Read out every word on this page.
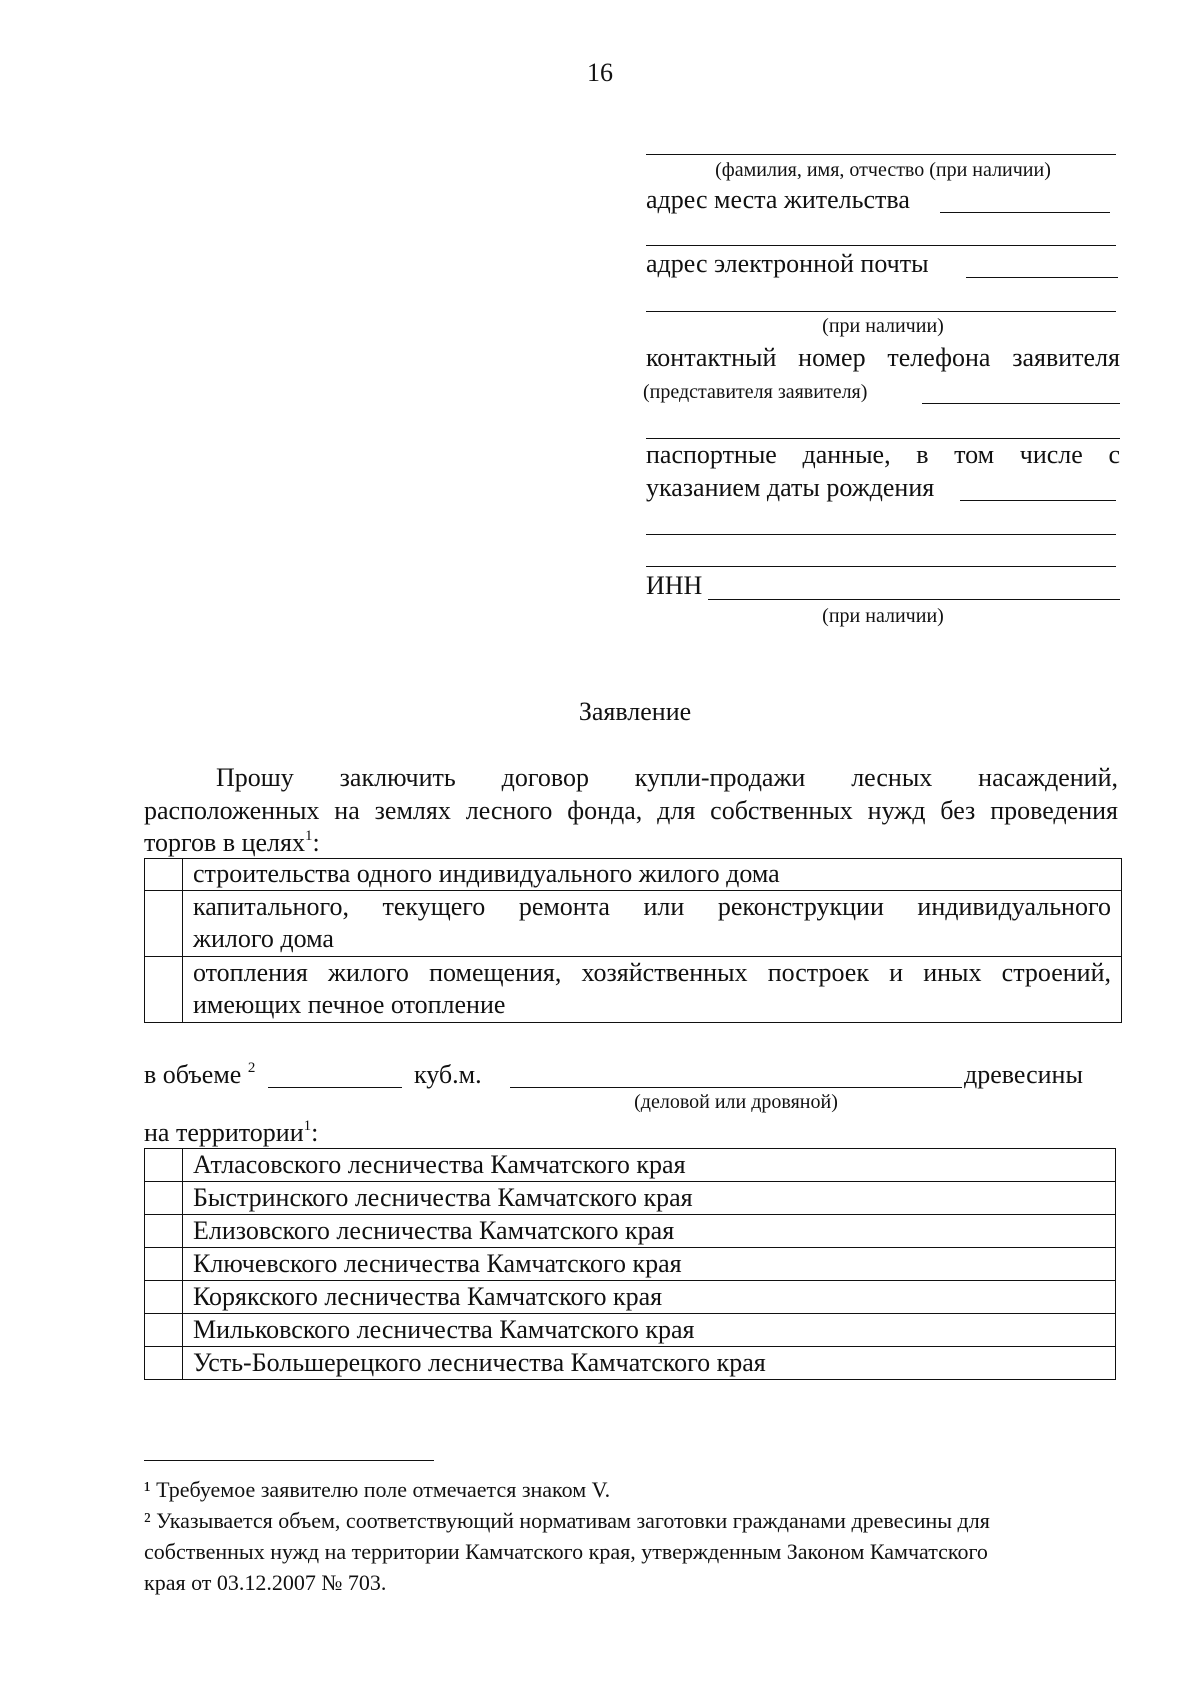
16
(фамилия, имя, отчество (при наличии)
адрес места жительства
адрес электронной почты
(при наличии)
контактный номер телефона заявителя
(представителя заявителя)
паспортные данные, в том числе с
указанием даты рождения
ИНН
(при наличии)
Заявление
Прошу заключить договор купли-продажи лесных насаждений,
расположенных на землях лесного фонда, для собственных нужд без проведения
торгов в целях$^1$:
	строительства одного индивидуального жилого дома

	капитального, текущего ремонта или реконструкции индивидуального
жилого дома

	отопления жилого помещения, хозяйственных построек и иных строений,
имеющих печное отопление
в объеме $^2$	куб.м.	древесины
(деловой или дровяной)
на территории$^1$:
	Атласовского лесничества Камчатского края
	Быстринского лесничества Камчатского края
	Елизовского лесничества Камчатского края
	Ключевского лесничества Камчатского края
	Корякского лесничества Камчатского края
	Мильковского лесничества Камчатского края
	Усть-Большерецкого лесничества Камчатского края
¹ Требуемое заявителю поле отмечается знаком V.
² Указывается объем, соответствующий нормативам заготовки гражданами древесины для
собственных нужд на территории Камчатского края, утвержденным Законом Камчатского
края от 03.12.2007 № 703.
